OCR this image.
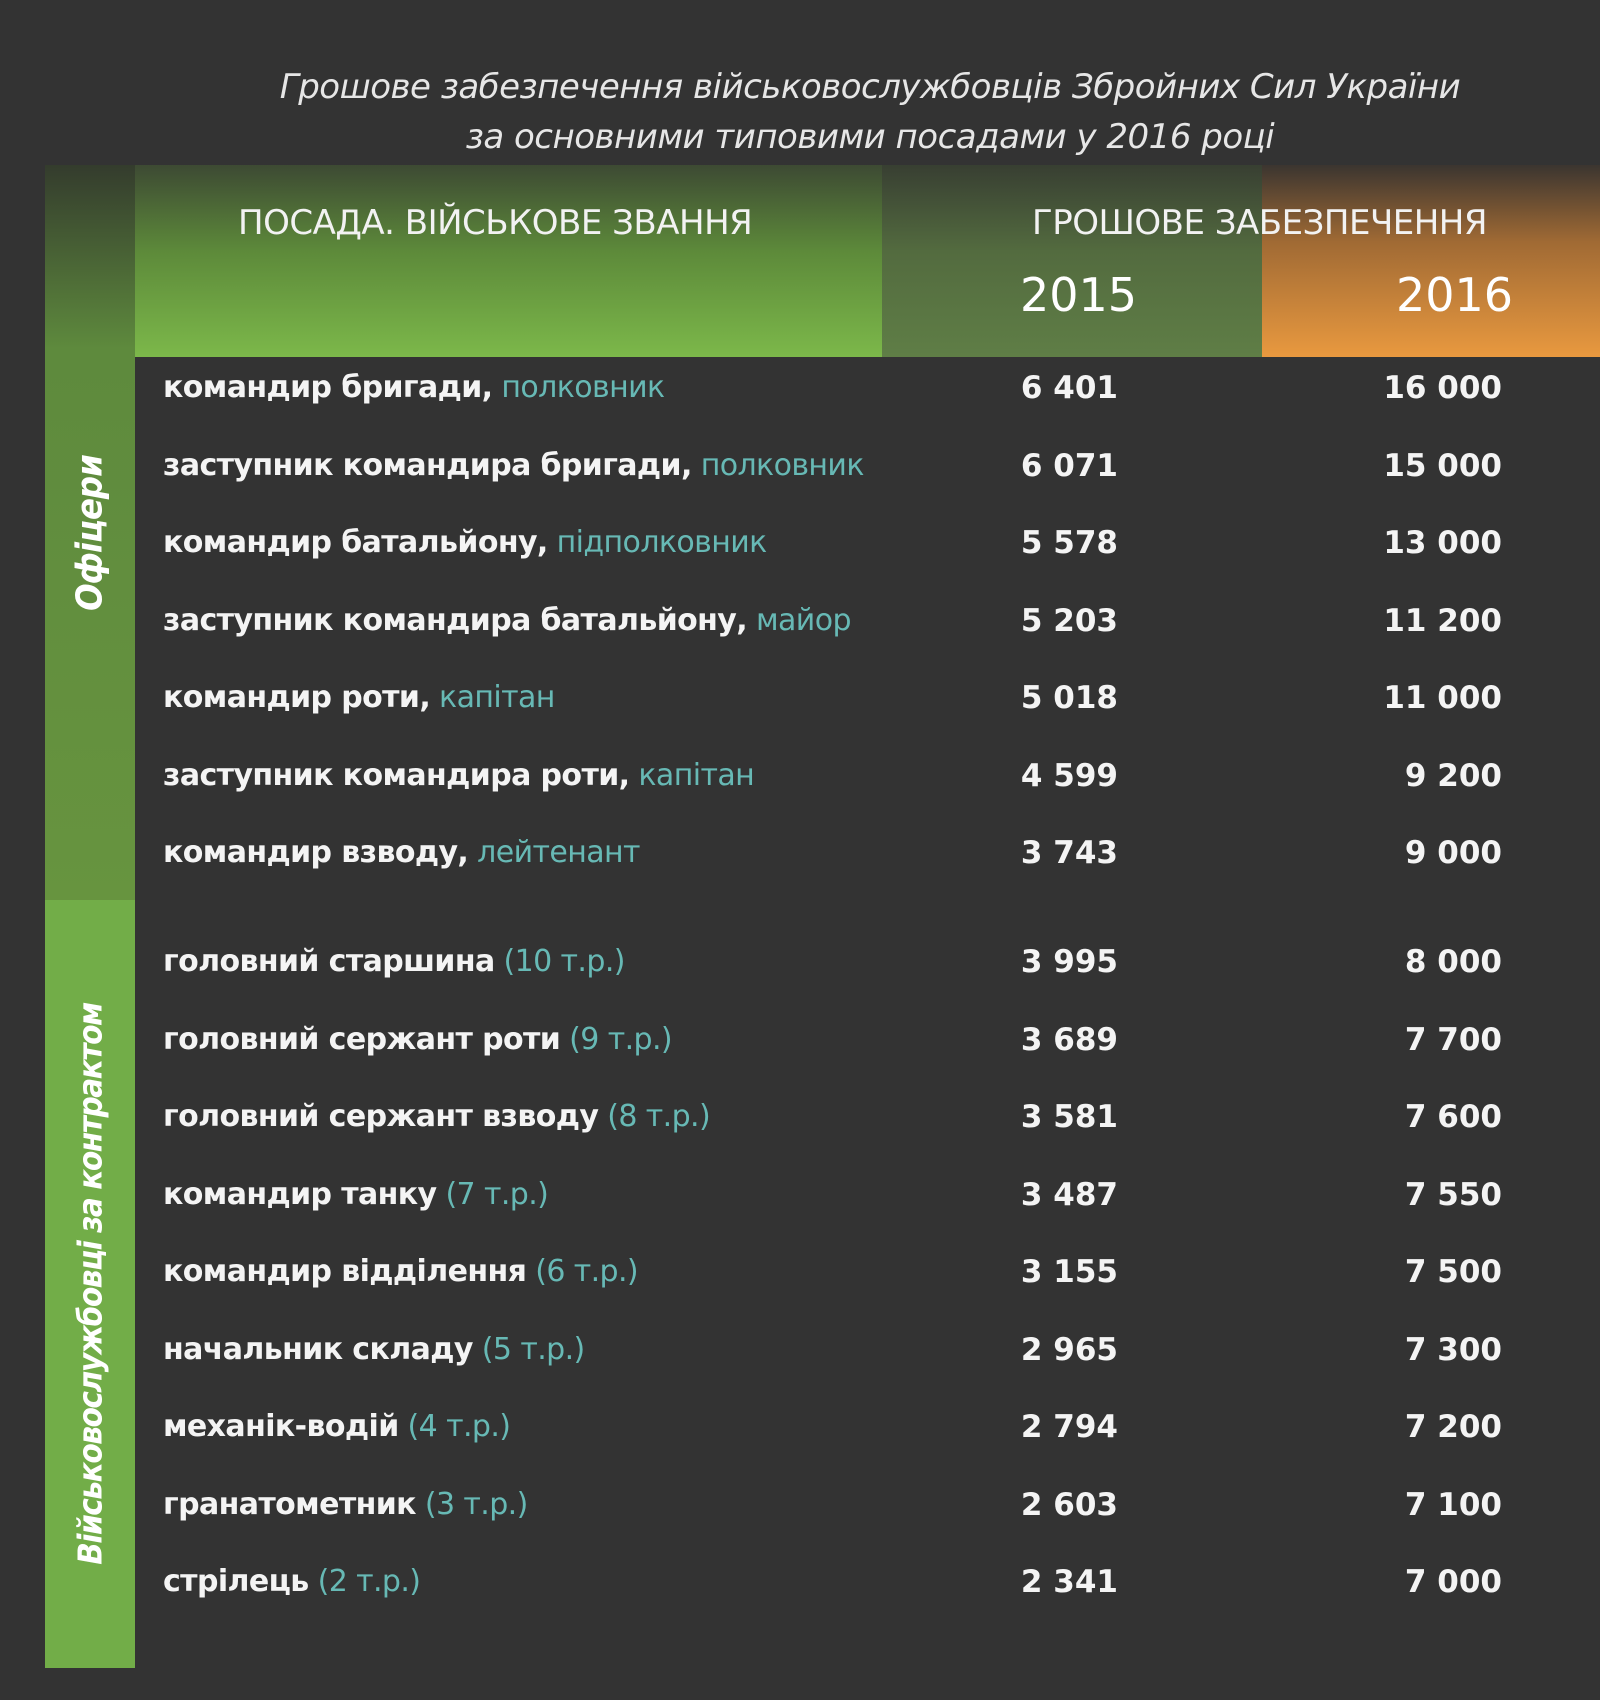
Грошове забезпечення військовослужбовців Збройних Сил України
за основними типовими посадами у 2016 році
Офіцери
Військовослужбовці за контрактом
ПОСАДА. ВІЙСЬКОВЕ ЗВАННЯ	ГРОШОВЕ ЗАБЕЗПЕЧЕННЯ
2015	2016
командир бригади, полковник	6 401	16 000
заступник командира бригади, полковник	6 071	15 000
командир батальйону, підполковник	5 578	13 000
заступник командира батальйону, майор	5 203	11 200
командир роти, капітан	5 018	11 000
заступник командира роти, капітан	4 599	9 200
командир взводу, лейтенант	3 743	9 000
головний старшина (10 т.р.)	3 995	8 000
головний сержант роти (9 т.р.)	3 689	7 700
головний сержант взводу (8 т.р.)	3 581	7 600
командир танку (7 т.р.)	3 487	7 550
командир відділення (6 т.р.)	3 155	7 500
начальник складу (5 т.р.)	2 965	7 300
механік-водій (4 т.р.)	2 794	7 200
гранатометник (3 т.р.)	2 603	7 100
стрілець (2 т.р.)	2 341	7 000
